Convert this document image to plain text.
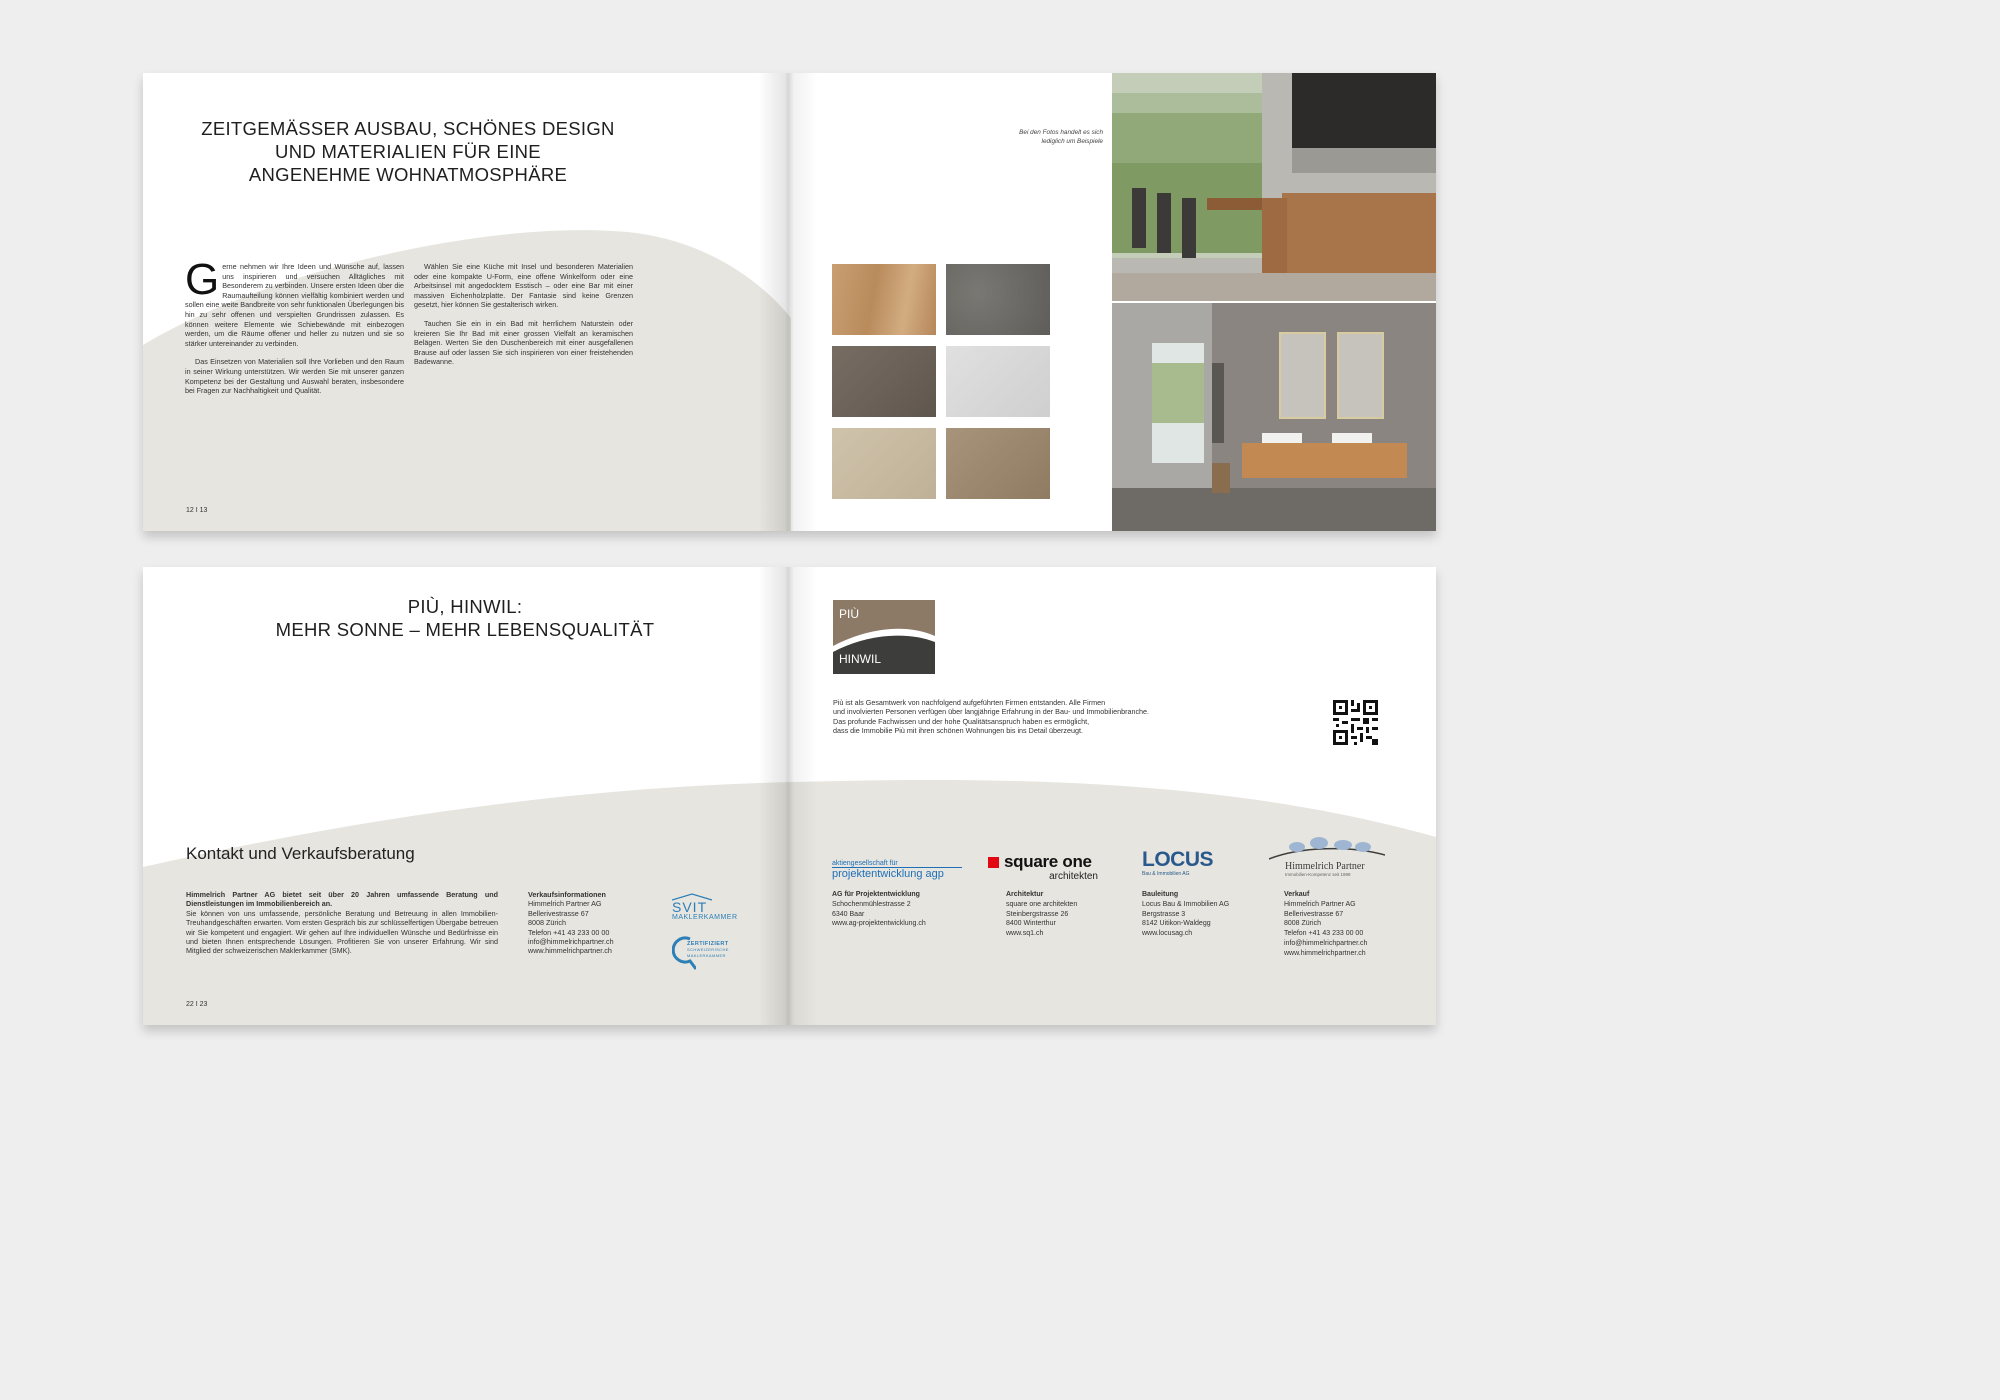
ZEITGEMÄSSER AUSBAU, SCHÖNES DESIGN
UND MATERIALIEN FÜR EINE
ANGENEHME WOHNATMOSPHÄRE

Gerne nehmen wir Ihre Ideen und Wünsche auf, lassen uns inspirieren und versuchen Alltägliches mit Besonderem zu verbinden. Unsere ersten Ideen über die Raumaufteilung können vielfältig kombiniert werden und sollen eine weite Bandbreite von sehr funktionalen Überlegungen bis hin zu sehr offenen und verspielten Grundrissen zulassen. Es können weitere Elemente wie Schiebewände mit einbezogen werden, um die Räume offener und heller zu nutzen und sie so stärker untereinander zu verbinden.

Das Einsetzen von Materialien soll Ihre Vorlieben und den Raum in seiner Wirkung unterstützen. Wir werden Sie mit unserer ganzen Kompetenz bei der Gestaltung und Auswahl beraten, insbesondere bei Fragen zur Nachhaltigkeit und Qualität.

Wählen Sie eine Küche mit Insel und besonderen Materialien oder eine kompakte U-Form, eine offene Winkelform oder eine Arbeitsinsel mit angedocktem Esstisch – oder eine Bar mit einer massiven Eichenholzplatte. Der Fantasie sind keine Grenzen gesetzt, hier können Sie gestalterisch wirken.

Tauchen Sie ein in ein Bad mit herrlichem Naturstein oder kreieren Sie Ihr Bad mit einer grossen Vielfalt an keramischen Belägen. Werten Sie den Duschenbereich mit einer ausgefallenen Brause auf oder lassen Sie sich inspirieren von einer freistehenden Badewanne.

12 I 13
Bei den Fotos handelt es sich
lediglich um Beispiele
PIÙ, HINWIL:
MEHR SONNE – MEHR LEBENSQUALITÄT
Kontakt und Verkaufsberatung
Himmelrich Partner AG bietet seit über 20 Jahren umfassende Beratung und Dienstleistungen im Immobilienbereich an.
Sie können von uns umfassende, persönliche Beratung und Betreuung in allen Immobilien-Treuhandgeschäften erwarten. Vom ersten Gespräch bis zur schlüsselfertigen Übergabe betreuen wir Sie kompetent und engagiert. Wir gehen auf Ihre individuellen Wünsche und Bedürfnisse ein und bieten Ihnen entsprechende Lösungen. Profitieren Sie von unserer Erfahrung. Wir sind Mitglied der schweizerischen Maklerkammer (SMK).
Verkaufsinformationen
Himmelrich Partner AG
Bellerivestrasse 67
8008 Zürich
Telefon +41 43 233 00 00
info@himmelrichpartner.ch
www.himmelrichpartner.ch
SVIT
MAKLERKAMMER
ZERTIFIZIERT
SCHWEIZERISCHE
MAKLERKAMMER
22 I 23
PIÙ
HINWIL
Più ist als Gesamtwerk von nachfolgend aufgeführten Firmen entstanden. Alle Firmen
und involvierten Personen verfügen über langjährige Erfahrung in der Bau- und Immobilienbranche.
Das profunde Fachwissen und der hohe Qualitätsanspruch haben es ermöglicht,
dass die Immobilie Più mit ihren schönen Wohnungen bis ins Detail überzeugt.
aktiengesellschaft für
projektentwicklung agp
square one
architekten
LOCUS
Bau & Immobilien AG
Himmelrich Partner
Immobilien-Kompetenz seit 1998
AG für Projektentwicklung
Schochenmühlestrasse 2
6340 Baar
www.ag-projektentwicklung.ch
Architektur
square one architekten
Steinbergstrasse 26
8400 Winterthur
www.sq1.ch
Bauleitung
Locus Bau & Immobilien AG
Bergstrasse 3
8142 Uitikon-Waldegg
www.locusag.ch
Verkauf
Himmelrich Partner AG
Bellerivestrasse 67
8008 Zürich
Telefon +41 43 233 00 00
info@himmelrichpartner.ch
www.himmelrichpartner.ch
